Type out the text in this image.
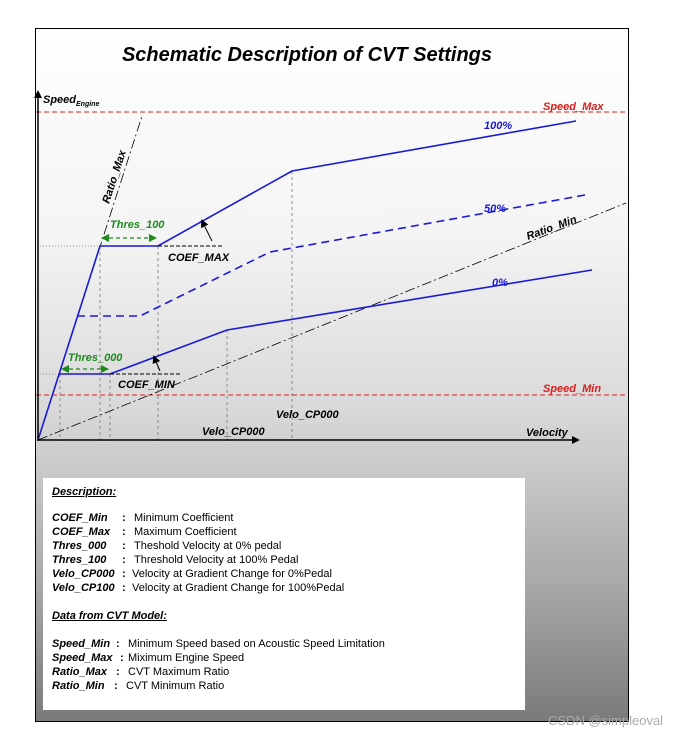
Schematic Description of CVT Settings
Speed_Max
Speed_Min
Ratio_Max
Ratio_Min
100%
50%
0%
Thres_100
Thres_000
COEF_MAX
COEF_MIN
Velo_CP000
Velo_CP000
Speed$_{Engine}$
Velocity
Description:
COEF_Min : Minimum Coefficient
COEF_Max : Maximum Coefficient
Thres_000 : Theshold Velocity at 0% pedal
Thres_100 : Threshold Velocity at 100% Pedal
Velo_CP000 : Velocity at Gradient Change for 0%Pedal
Velo_CP100 : Velocity at Gradient Change for 100%Pedal
Data from CVT Model:
Speed_Min : Minimum Speed based on Acoustic Speed Limitation
Speed_Max : Miximum Engine Speed
Ratio_Max : CVT Maximum Ratio
Ratio_Min : CVT Minimum Ratio
CSDN @simpleoval
